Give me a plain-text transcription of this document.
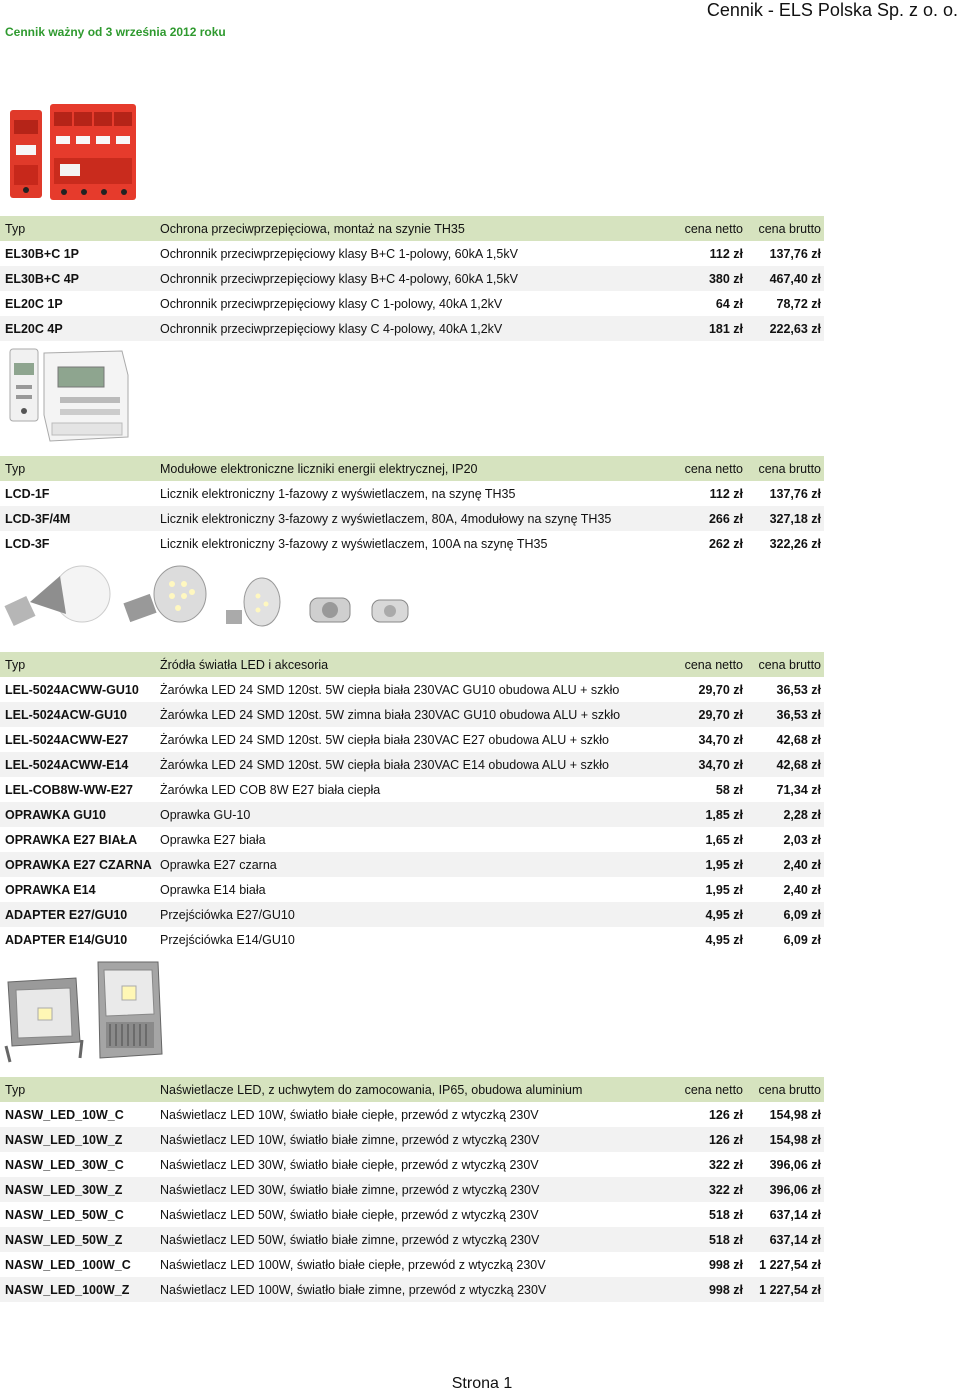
Cennik - ELS Polska Sp. z o. o.
Cennik ważny od 3 września 2012 roku
Typ	Ochrona przeciwprzepięciowa, montaż na szynie TH35	cena netto	cena brutto
EL30B+C 1P	Ochronnik przeciwprzepięciowy klasy B+C 1-polowy, 60kA 1,5kV	112 zł	137,76 zł
EL30B+C 4P	Ochronnik przeciwprzepięciowy klasy B+C 4-polowy, 60kA 1,5kV	380 zł	467,40 zł
EL20C 1P	Ochronnik przeciwprzepięciowy klasy C 1-polowy, 40kA 1,2kV	64 zł	78,72 zł
EL20C 4P	Ochronnik przeciwprzepięciowy klasy C 4-polowy, 40kA 1,2kV	181 zł	222,63 zł
Typ	Modułowe elektroniczne liczniki energii elektrycznej, IP20	cena netto	cena brutto
LCD-1F	Licznik elektroniczny 1-fazowy z wyświetlaczem, na szynę TH35	112 zł	137,76 zł
LCD-3F/4M	Licznik elektroniczny 3-fazowy z wyświetlaczem, 80A, 4modułowy na szynę TH35	266 zł	327,18 zł
LCD-3F	Licznik elektroniczny 3-fazowy z wyświetlaczem, 100A na szynę TH35	262 zł	322,26 zł
Typ	Źródła światła LED i akcesoria	cena netto	cena brutto
LEL-5024ACWW-GU10	Żarówka LED 24 SMD 120st. 5W ciepła biała 230VAC GU10 obudowa ALU + szkło	29,70 zł	36,53 zł
LEL-5024ACW-GU10	Żarówka LED 24 SMD 120st. 5W zimna biała 230VAC GU10 obudowa ALU + szkło	29,70 zł	36,53 zł
LEL-5024ACWW-E27	Żarówka LED 24 SMD 120st. 5W ciepła biała 230VAC E27 obudowa ALU + szkło	34,70 zł	42,68 zł
LEL-5024ACWW-E14	Żarówka LED 24 SMD 120st. 5W ciepła biała 230VAC E14 obudowa ALU + szkło	34,70 zł	42,68 zł
LEL-COB8W-WW-E27	Żarówka LED COB 8W E27 biała ciepła	58 zł	71,34 zł
OPRAWKA GU10	Oprawka GU-10	1,85 zł	2,28 zł
OPRAWKA E27 BIAŁA	Oprawka E27 biała	1,65 zł	2,03 zł
OPRAWKA E27 CZARNA	Oprawka E27 czarna	1,95 zł	2,40 zł
OPRAWKA E14	Oprawka E14 biała	1,95 zł	2,40 zł
ADAPTER E27/GU10	Przejściówka E27/GU10	4,95 zł	6,09 zł
ADAPTER E14/GU10	Przejściówka E14/GU10	4,95 zł	6,09 zł
Typ	Naświetlacze LED, z uchwytem do zamocowania, IP65, obudowa aluminium	cena netto	cena brutto
NASW_LED_10W_C	Naświetlacz LED 10W, światło białe ciepłe, przewód z wtyczką 230V	126 zł	154,98 zł
NASW_LED_10W_Z	Naświetlacz LED 10W, światło białe zimne, przewód z wtyczką 230V	126 zł	154,98 zł
NASW_LED_30W_C	Naświetlacz LED 30W, światło białe ciepłe, przewód z wtyczką 230V	322 zł	396,06 zł
NASW_LED_30W_Z	Naświetlacz LED 30W, światło białe zimne, przewód z wtyczką 230V	322 zł	396,06 zł
NASW_LED_50W_C	Naświetlacz LED 50W, światło białe ciepłe, przewód z wtyczką 230V	518 zł	637,14 zł
NASW_LED_50W_Z	Naświetlacz LED 50W, światło białe zimne, przewód z wtyczką 230V	518 zł	637,14 zł
NASW_LED_100W_C	Naświetlacz LED 100W, światło białe ciepłe, przewód z wtyczką 230V	998 zł	1 227,54 zł
NASW_LED_100W_Z	Naświetlacz LED 100W, światło białe zimne, przewód z wtyczką 230V	998 zł	1 227,54 zł
Strona 1
